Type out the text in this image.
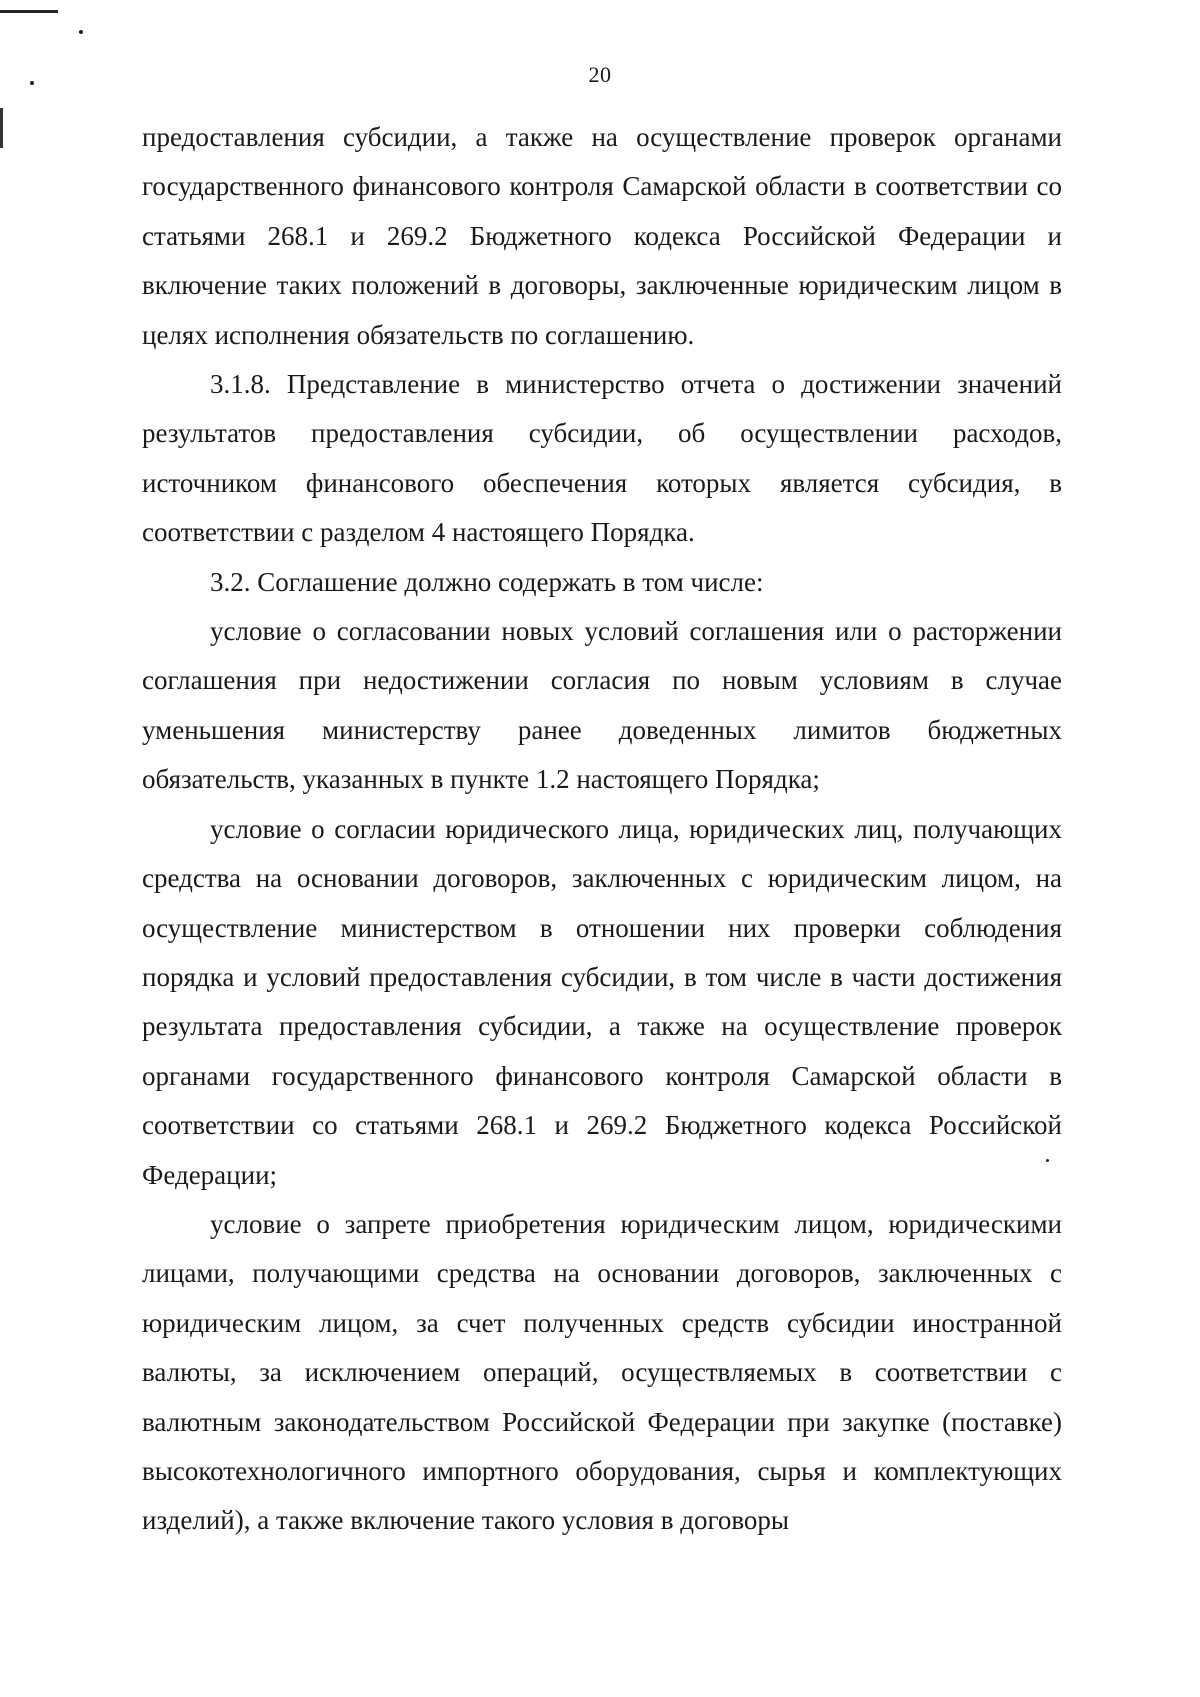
20

предоставления субсидии, а также на осуществление проверок органами государственного финансового контроля Самарской области в соответствии со статьями 268.1 и 269.2 Бюджетного кодекса Российской Федерации и включение таких положений в договоры, заключенные юридическим лицом в целях исполнения обязательств по соглашению.

3.1.8. Представление в министерство отчета о достижении значений результатов предоставления субсидии, об осуществлении расходов, источником финансового обеспечения которых является субсидия, в соответствии с разделом 4 настоящего Порядка.

3.2. Соглашение должно содержать в том числе:

условие о согласовании новых условий соглашения или о расторжении соглашения при недостижении согласия по новым условиям в случае уменьшения министерству ранее доведенных лимитов бюджетных обязательств, указанных в пункте 1.2 настоящего Порядка;

условие о согласии юридического лица, юридических лиц, получающих средства на основании договоров, заключенных с юридическим лицом, на осуществление министерством в отношении них проверки соблюдения порядка и условий предоставления субсидии, в том числе в части достижения результата предоставления субсидии, а также на осуществление проверок органами государственного финансового контроля Самарской области в соответствии со статьями 268.1 и 269.2 Бюджетного кодекса Российской Федерации;

условие о запрете приобретения юридическим лицом, юридическими лицами, получающими средства на основании договоров, заключенных с юридическим лицом, за счет полученных средств субсидии иностранной валюты, за исключением операций, осуществляемых в соответствии с валютным законодательством Российской Федерации при закупке (поставке) высокотехнологичного импортного оборудования, сырья и комплектующих изделий), а также включение такого условия в договоры
